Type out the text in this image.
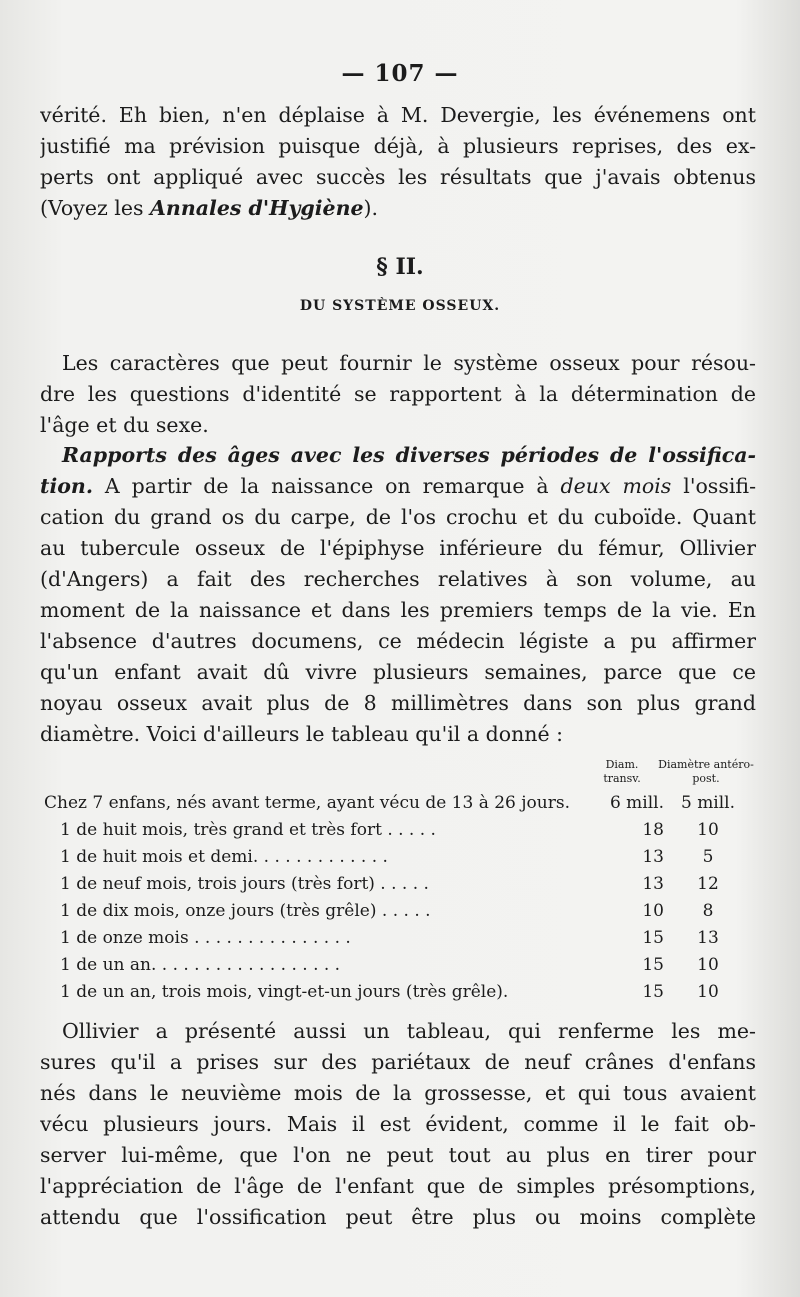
— 107 —
vérité. Eh bien, n'en déplaise à M. Devergie, les événemens ont
justifié ma prévision puisque déjà, à plusieurs reprises, des ex-
perts ont appliqué avec succès les résultats que j'avais obtenus
(Voyez les Annales d'Hygiène).
§ II.
DU SYSTÈME OSSEUX.
Les caractères que peut fournir le système osseux pour résou-
dre les questions d'identité se rapportent à la détermination de
l'âge et du sexe.
Rapports des âges avec les diverses périodes de l'ossifica-
tion. A partir de la naissance on remarque à deux mois l'ossifi-
cation du grand os du carpe, de l'os crochu et du cuboïde. Quant
au tubercule osseux de l'épiphyse inférieure du fémur, Ollivier
(d'Angers) a fait des recherches relatives à son volume, au
moment de la naissance et dans les premiers temps de la vie. En
l'absence d'autres documens, ce médecin légiste a pu affirmer
qu'un enfant avait dû vivre plusieurs semaines, parce que ce
noyau osseux avait plus de 8 millimètres dans son plus grand
diamètre. Voici d'ailleurs le tableau qu'il a donné :
Diam. transv.
Diamètre antéro-post.
Chez 7 enfans, nés avant terme, ayant vécu de 13 à 26 jours.	6 mill. 5 mill.
1 de huit mois, très grand et très fort . . . . .	18	10
1 de huit mois et demi. . . . . . . . . . . . .	13	5
1 de neuf mois, trois jours (très fort) . . . . .	13	12
1 de dix mois, onze jours (très grêle) . . . . .	10	8
1 de onze mois . . . . . . . . . . . . . . .	15	13
1 de un an. . . . . . . . . . . . . . . . . .	15	10
1 de un an, trois mois, vingt-et-un jours (très grêle).	15	10
Ollivier a présenté aussi un tableau, qui renferme les me-
sures qu'il a prises sur des pariétaux de neuf crânes d'enfans
nés dans le neuvième mois de la grossesse, et qui tous avaient
vécu plusieurs jours. Mais il est évident, comme il le fait ob-
server lui-même, que l'on ne peut tout au plus en tirer pour
l'appréciation de l'âge de l'enfant que de simples présomptions,
attendu que l'ossification peut être plus ou moins complète
